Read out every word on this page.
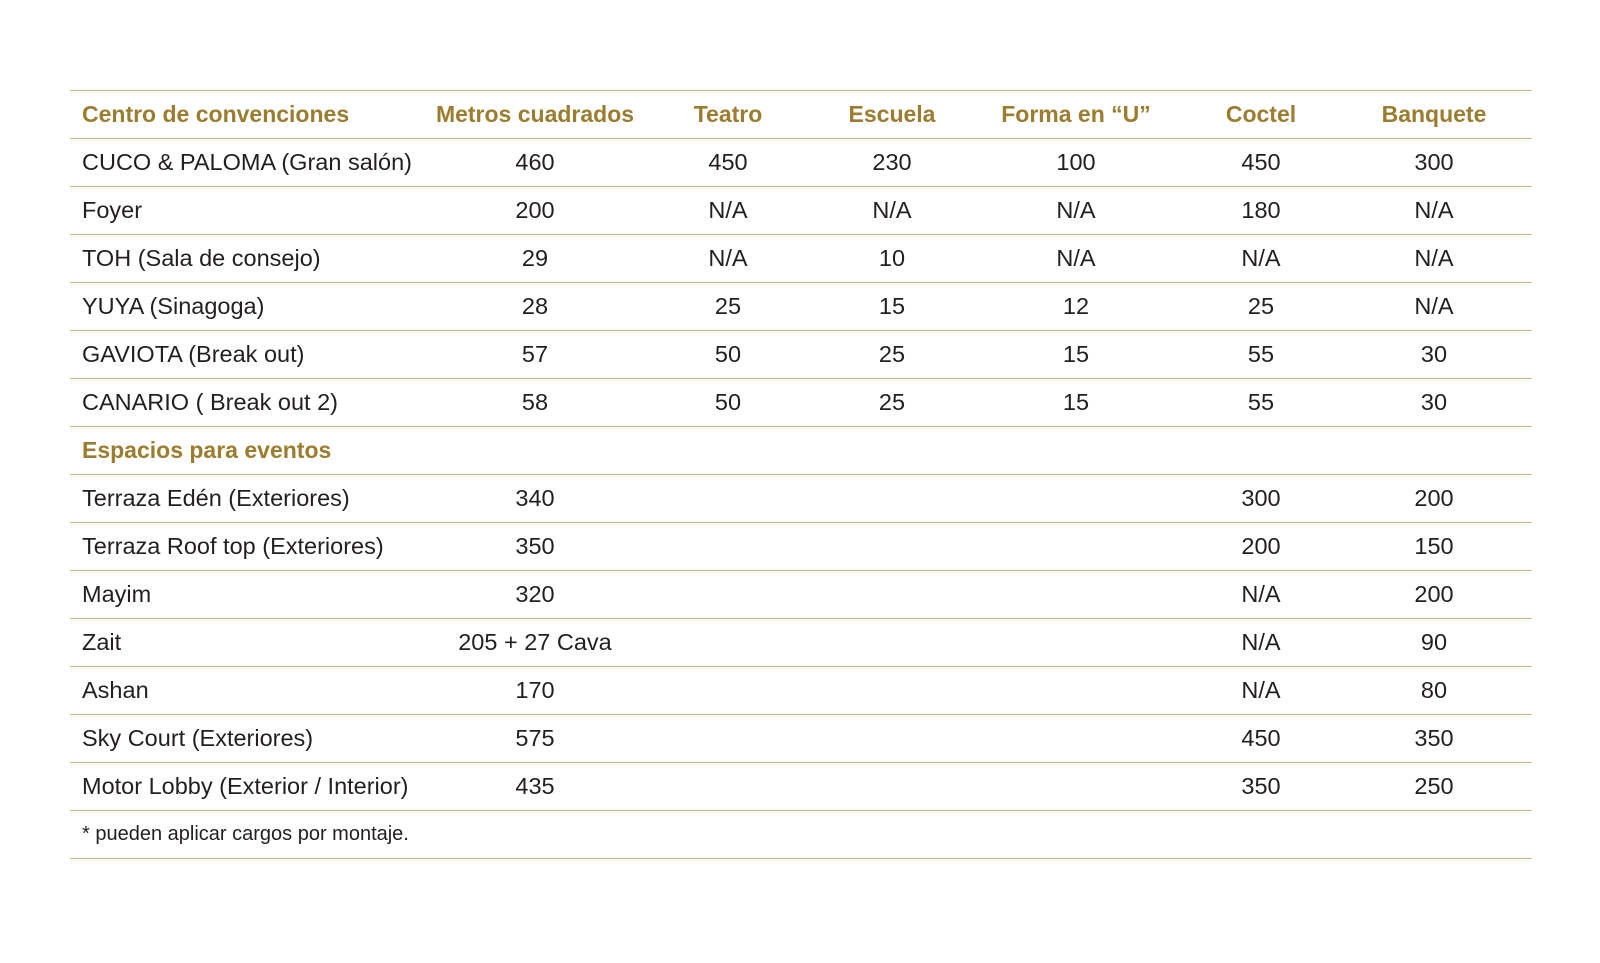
Centro de convenciones	Metros cuadrados	Teatro	Escuela	Forma en “U”	Coctel	Banquete
CUCO & PALOMA (Gran salón)	460	450	230	100	450	300
Foyer	200	N/A	N/A	N/A	180	N/A
TOH (Sala de consejo)	29	N/A	10	N/A	N/A	N/A
YUYA (Sinagoga)	28	25	15	12	25	N/A
GAVIOTA (Break out)	57	50	25	15	55	30
CANARIO ( Break out 2)	58	50	25	15	55	30
Espacios para eventos						
Terraza Edén (Exteriores)	340				300	200
Terraza Roof top (Exteriores)	350				200	150
Mayim	320				N/A	200
Zait	205 + 27 Cava				N/A	90
Ashan	170				N/A	80
Sky Court (Exteriores)	575				450	350
Motor Lobby (Exterior / Interior)	435				350	250
* pueden aplicar cargos por montaje.						
